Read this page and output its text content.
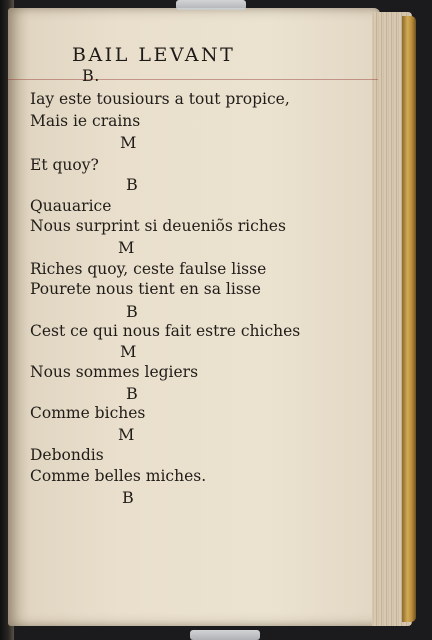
BAIL LEVANT
B.
Iay este tousiours a tout propice,
Mais ie crains
M
Et quoy?
B
Quauarice
Nous surprint si deueniõs riches
M
Riches quoy, ceste faulse lisse
Pourete nous tient en sa lisse
B
Cest ce qui nous fait estre chiches
M
Nous sommes legiers
B
Comme biches
M
Debondis
Comme belles miches.
B
